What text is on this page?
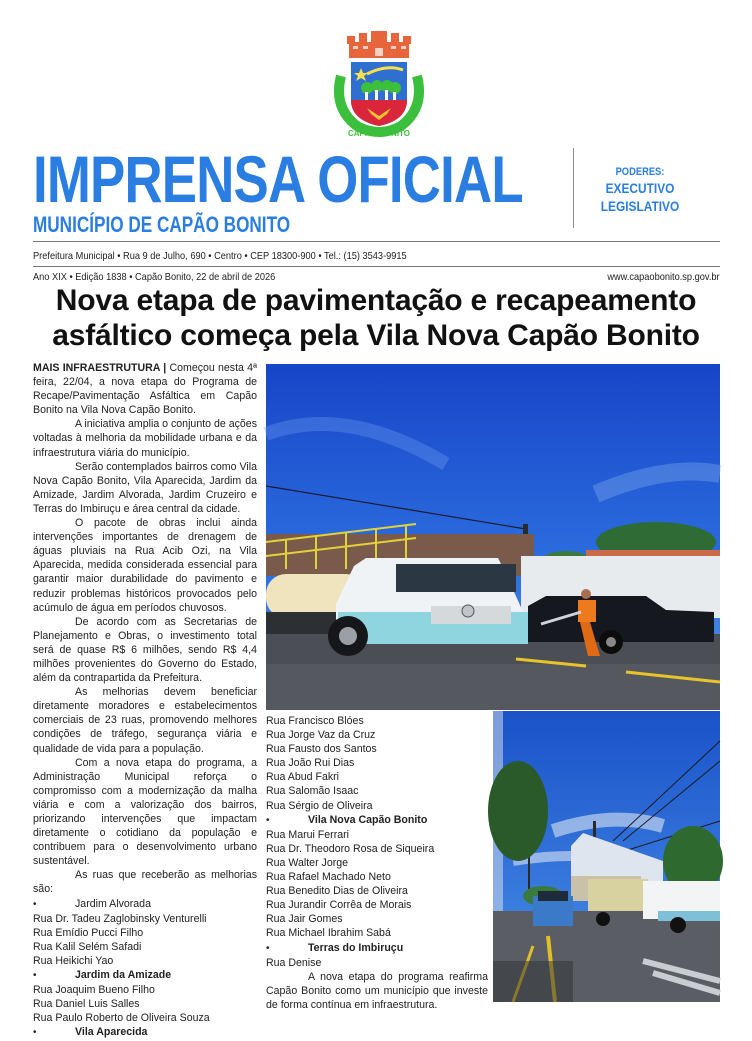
CAPÃO BONITO
IMPRENSA OFICIAL
MUNICÍPIO DE CAPÃO BONITO
PODERES:
EXECUTIVO
LEGISLATIVO
Prefeitura Municipal • Rua 9 de Julho, 690 • Centro • CEP 18300-900 • Tel.: (15) 3543-9915
Ano XIX • Edição 1838 • Capão Bonito, 22 de abril de 2026	www.capaobonito.sp.gov.br
Nova etapa de pavimentação e recapeamento
asfáltico começa pela Vila Nova Capão Bonito

MAIS INFRAESTRUTURA | Começou nesta 4ª feira, 22/04, a nova etapa do Programa de Recape/Pavimentação Asfáltica em Capão Bonito na Vila Nova Capão Bonito.

A iniciativa amplia o conjunto de ações voltadas à melhoria da mobilidade urbana e da infraestrutura viária do município.

Serão contemplados bairros como Vila Nova Capão Bonito, Vila Aparecida, Jardim da Amizade, Jardim Alvorada, Jardim Cruzeiro e Terras do Imbiruçu e área central da cidade.

O pacote de obras inclui ainda intervenções importantes de drenagem de águas pluviais na Rua Acib Ozi, na Vila Aparecida, medida considerada essencial para garantir maior durabilidade do pavimento e reduzir problemas históricos provocados pelo acúmulo de água em períodos chuvosos.

De acordo com as Secretarias de Planejamento e Obras, o investimento total será de quase R$ 6 milhões, sendo R$ 4,4 milhões provenientes do Governo do Estado, além da contrapartida da Prefeitura.

As melhorias devem beneficiar diretamente moradores e estabelecimentos comerciais de 23 ruas, promovendo melhores condições de tráfego, segurança viária e qualidade de vida para a população.

Com a nova etapa do programa, a Administração Municipal reforça o compromisso com a modernização da malha viária e com a valorização dos bairros, priorizando intervenções que impactam diretamente o cotidiano da população e contribuem para o desenvolvimento urbano sustentável.

As ruas que receberão as melhorias são:

•	Jardim Alvorada
Rua Dr. Tadeu Zaglobinsky Venturelli
Rua Emídio Pucci Filho
Rua Kalil Selém Safadi
Rua Heikichi Yao
•	Jardim da Amizade
Rua Joaquim Bueno Filho
Rua Daniel Luis Salles
Rua Paulo Roberto de Oliveira Souza
•	Vila Aparecida
Rua Francisco Blóes
Rua Jorge Vaz da Cruz
Rua Fausto dos Santos
Rua João Rui Dias
Rua Abud Fakri
Rua Salomão Isaac
Rua Sérgio de Oliveira
•	Vila Nova Capão Bonito
Rua Marui Ferrari
Rua Dr. Theodoro Rosa de Siqueira
Rua Walter Jorge
Rua Rafael Machado Neto
Rua Benedito Dias de Oliveira
Rua Jurandir Corrêa de Morais
Rua Jair Gomes
Rua Michael Ibrahim Sabá
•	Terras do Imbiruçu
Rua Denise

A nova etapa do programa reafirma Capão Bonito como um município que investe de forma contínua em infraestrutura.
